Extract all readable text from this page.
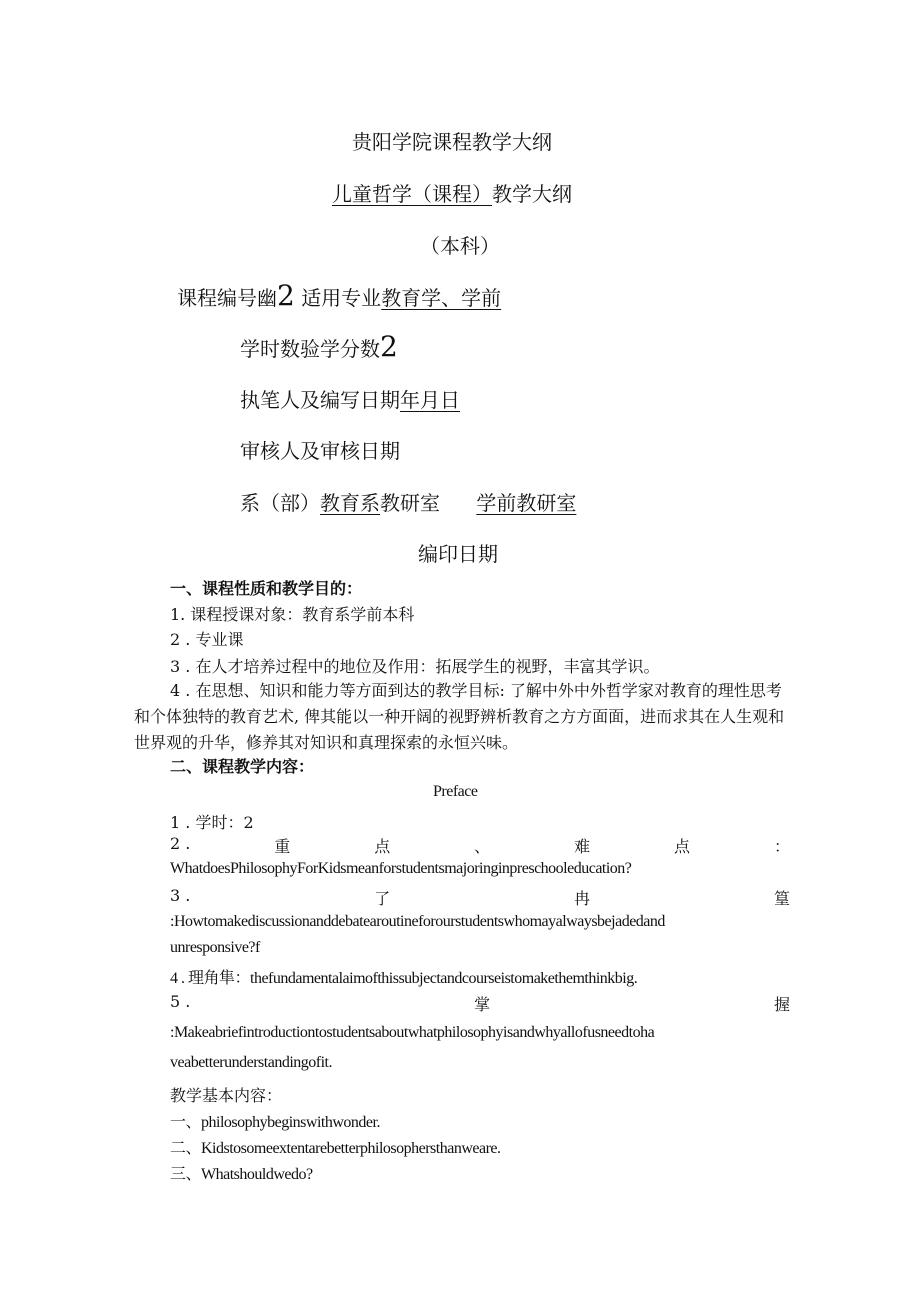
贵阳学院课程教学大纲
儿童哲学（课程）教学大纲
（本科）
课程编号幽2 适用专业教育学、学前
学时数验学分数2
执笔人及编写日期年月日
审核人及审核日期
系（部）教育系教研室 学前教研室
编印日期
一、课程性质和教学目的：
1. 课程授课对象：教育系学前本科
2 . 专业课
3 . 在人才培养过程中的地位及作用：拓展学生的视野，丰富其学识。
4 . 在思想、知识和能力等方面到达的教学目标: 了解中外中外哲学家对教育的理性思考和个体独特的教育艺术, 俾其能以一种开阔的视野辨析教育之方方面面，进而求其在人生观和世界观的升华，修养其对知识和真理探索的永恒兴味。
二、课程教学内容：
Preface
1 . 学时：2
2 .	重	点	、	难	点	：
WhatdoesPhilosophyForKidsmeanforstudentsmajoringinpreschooleducation?
3 .	了	冉	篁
:Howtomakediscussionanddebatearoutineforourstudentswhomayalwaysbejadedand
unresponsive?f
4 . 理角隼：thefundamentalaimofthissubjectandcourseistomakethemthinkbig.
5 .	掌	握
:Makeabriefintroductiontostudentsaboutwhatphilosophyisandwhyallofusneedtoha
veabetterunderstandingofit.
教学基本内容：
一、philosophybeginswithwonder.
二、Kidstosomeextentarebetterphilosophersthanweare.
三、Whatshouldwedo?
